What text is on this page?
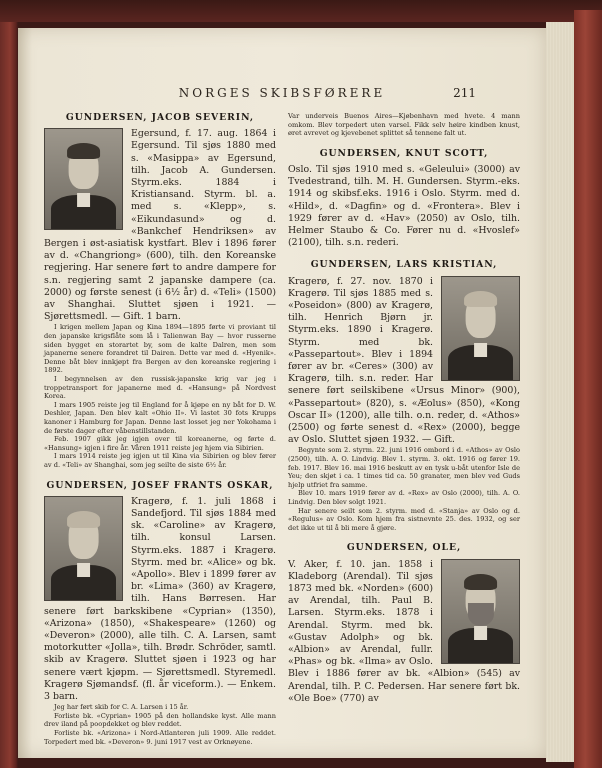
NORGES SKIBSFØRERE	211
GUNDERSEN, JACOB SEVERIN,

Egersund, f. 17. aug. 1864 i Egersund. Til sjøs 1880 med s. «Masippa» av Egersund, tilh. Jacob A. Gundersen. Styrm.eks. 1884 i Kristiansand. Styrm. bl. a. med s. «Klepp», s. «Eikundasund» og d. «Bankchef Hendriksen» av Bergen i øst-asiatisk kystfart. Blev i 1896 fører av d. «Changriong» (600), tilh. den Koreanske regjering. Har senere ført to andre dampere for s.n. regjering samt 2 japanske dampere (ca. 2000) og første senest (i 6½ år) d. «Teli» (1500) av Shanghai. Sluttet sjøen i 1921. — Sjørettsmedl. — Gift. 1 barn.

I krigen mellem Japan og Kina 1894—1895 førte vi proviant til den japanske krigsflåte som lå i Talienwan Bay — hvor russerne siden bygget en storartet by, som de kalte Dalren, men som japanerne senere forandret til Dairen. Dette var med d. «Hyenik». Denne båt blev innkjøpt fra Bergen av den koreanske regjering i 1892.

I begynnelsen av den russisk-japanske krig var jeg i troppetransport for japanerne med d. «Hansung» på Nordvest Korea.

I mars 1905 reiste jeg til England for å kjøpe en ny båt for D. W. Deshler, Japan. Den blev kalt «Ohio II». Vi lastet 30 fots Krupps kanoner i Hamburg for Japan. Denne last losset jeg ner Yokohama i de første dager efter våbenstillstanden.

Feb. 1907 gikk jeg igjen over til koreanerne, og førte d. «Hansung» igjen i fire år. Våren 1911 reiste jeg hjem via Sibirien.

I mars 1914 reiste jeg igjen ut til Kina via Sibirien og blev fører av d. «Teli» av Shanghai, som jeg seilte de siste 6½ år.

GUNDERSEN, JOSEF FRANTS OSKAR,

Kragerø, f. 1. juli 1868 i Sandefjord. Til sjøs 1884 med sk. «Caroline» av Kragerø, tilh. konsul Larsen. Styrm.eks. 1887 i Kragerø. Styrm. med br. «Alice» og bk. «Apollo». Blev i 1899 fører av br. «Lima» (360) av Kragerø, tilh. Hans Børresen. Har senere ført barkskibene «Cyprian» (1350), «Arizona» (1850), «Shakespeare» (1260) og «Deveron» (2000), alle tilh. C. A. Larsen, samt motorkutter «Jolla», tilh. Brødr. Schröder, samtl. skib av Kragerø. Sluttet sjøen i 1923 og har senere vært kjøpm. — Sjørettsmedl. Styremedl. Kragerø Sjømandsf. (fl. år viceform.). — Enkem. 3 barn.

Jeg har ført skib for C. A. Larsen i 15 år.

Forliste bk. «Cyprian» 1905 på den hollandske kyst. Alle mann drev iland på poopdekket og blev reddet.

Forliste bk. «Arizona» i Nord-Atlanteren juli 1909. Alle reddet. Torpedert med bk. «Deveron» 9. juni 1917 vest av Orknøyene.

Var underveis Buenos Aires—Kjøbenhavn med hvete. 4 mann omkom. Blev torpedert uten varsel. Fikk selv høire kindben knust, øret avrevet og kjevebenet splittet så tennene falt ut.

GUNDERSEN, KNUT SCOTT,

Oslo. Til sjøs 1910 med s. «Geleului» (3000) av Tvedestrand, tilh. M. H. Gundersen. Styrm.-eks. 1914 og skibsf.eks. 1916 i Oslo. Styrm. med d. «Hild», d. «Dagfin» og d. «Frontera». Blev i 1929 fører av d. «Hav» (2050) av Oslo, tilh. Helmer Staubo & Co. Fører nu d. «Hvoslef» (2100), tilh. s.n. rederi.

GUNDERSEN, LARS KRISTIAN,

Kragerø, f. 27. nov. 1870 i Kragerø. Til sjøs 1885 med s. «Poseidon» (800) av Kragerø, tilh. Henrich Bjørn jr. Styrm.eks. 1890 i Kragerø. Styrm. med bk. «Passepartout». Blev i 1894 fører av br. «Ceres» (300) av Kragerø, tilh. s.n. reder. Har senere ført seilskibene «Ursus Minor» (900), «Passepartout» (820), s. «Æolus» (850), «Kong Oscar II» (1200), alle tilh. o.n. reder, d. «Athos» (2500) og førte senest d. «Rex» (2000), begge av Oslo. Sluttet sjøen 1932. — Gift.

Begynte som 2. styrm. 22. juni 1916 ombord i d. «Athos» av Oslo (2500), tilh. A. O. Lindvig. Blev 1. styrm. 3. okt. 1916 og fører 19. feb. 1917. Blev 16. mai 1916 beskutt av en tysk u-båt utenfor Isle de Yeu; den skjøt i ca. 1 times tid ca. 50 granater, men blev ved Guds hjelp utfriet fra samme.

Blev 10. mars 1919 fører av d. «Rex» av Oslo (2000), tilh. A. O. Lindvig. Den blev solgt 1921.

Har senere seilt som 2. styrm. med d. «Stanja» av Oslo og d. «Regulus» av Oslo. Kom hjem fra sistnevnte 25. des. 1932, og ser det ikke ut til å bli mere å gjøre.

GUNDERSEN, OLE,

V. Aker, f. 10. jan. 1858 i Kladeborg (Arendal). Til sjøs 1873 med bk. «Norden» (600) av Arendal, tilh. Paul B. Larsen. Styrm.eks. 1878 i Arendal. Styrm. med bk. «Gustav Adolph» og bk. «Albion» av Arendal, fullr. «Phas» og bk. «Ilma» av Oslo. Blev i 1886 fører av bk. «Albion» (545) av Arendal, tilh. P. C. Pedersen. Har senere ført bk. «Ole Boe» (770) av
